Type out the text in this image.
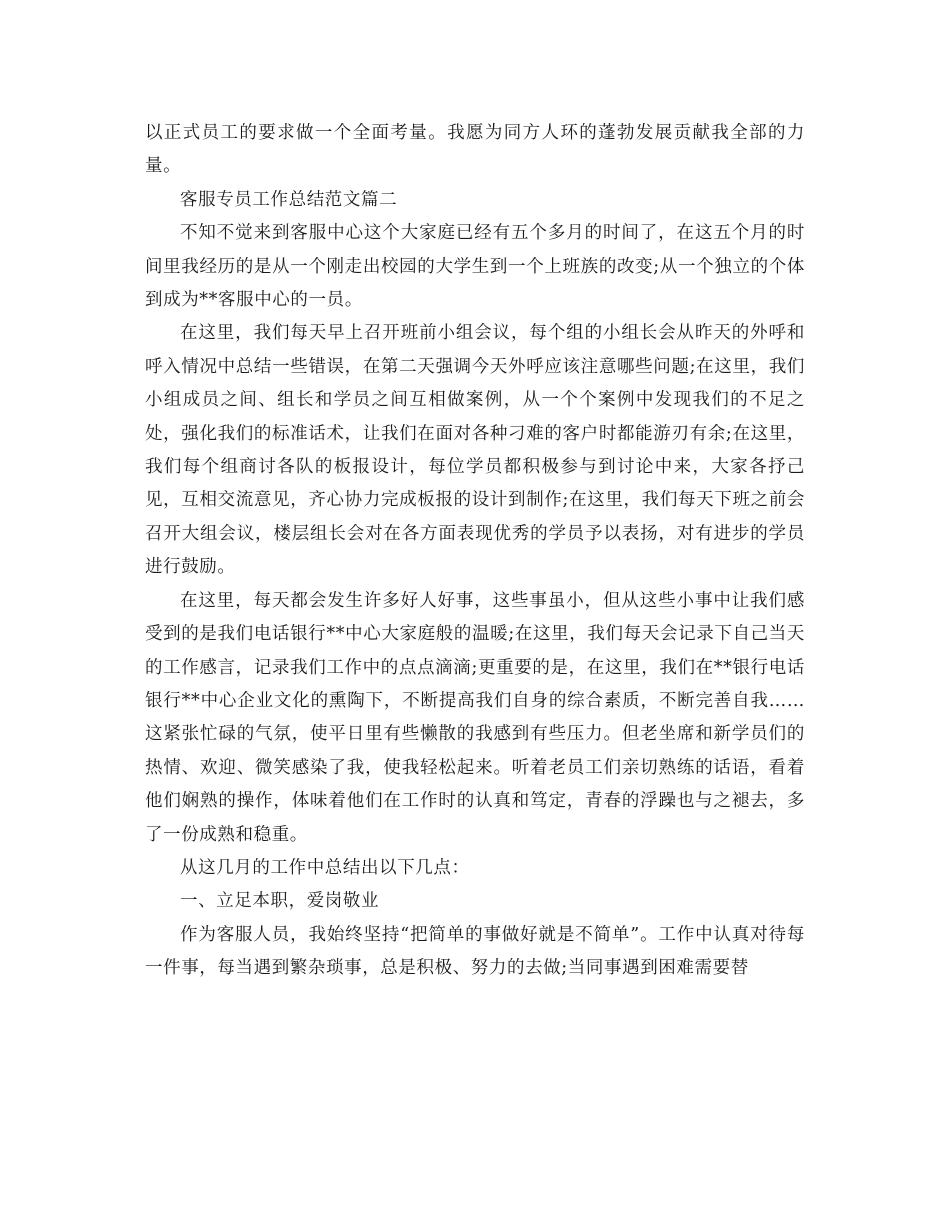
以正式员工的要求做一个全面考量。我愿为同方人环的蓬勃发展贡献我全部的力量。

客服专员工作总结范文篇二

不知不觉来到客服中心这个大家庭已经有五个多月的时间了，在这五个月的时间里我经历的是从一个刚走出校园的大学生到一个上班族的改变;从一个独立的个体到成为**客服中心的一员。

在这里，我们每天早上召开班前小组会议，每个组的小组长会从昨天的外呼和呼入情况中总结一些错误，在第二天强调今天外呼应该注意哪些问题;在这里，我们小组成员之间、组长和学员之间互相做案例，从一个个案例中发现我们的不足之处，强化我们的标准话术，让我们在面对各种刁难的客户时都能游刃有余;在这里，我们每个组商讨各队的板报设计，每位学员都积极参与到讨论中来，大家各抒己见，互相交流意见，齐心协力完成板报的设计到制作;在这里，我们每天下班之前会召开大组会议，楼层组长会对在各方面表现优秀的学员予以表扬，对有进步的学员进行鼓励。

在这里，每天都会发生许多好人好事，这些事虽小，但从这些小事中让我们感受到的是我们电话银行**中心大家庭般的温暖;在这里，我们每天会记录下自己当天的工作感言，记录我们工作中的点点滴滴;更重要的是，在这里，我们在**银行电话银行**中心企业文化的熏陶下，不断提高我们自身的综合素质，不断完善自我……这紧张忙碌的气氛，使平日里有些懒散的我感到有些压力。但老坐席和新学员们的热情、欢迎、微笑感染了我，使我轻松起来。听着老员工们亲切熟练的话语，看着他们娴熟的操作，体味着他们在工作时的认真和笃定，青春的浮躁也与之褪去，多了一份成熟和稳重。

从这几月的工作中总结出以下几点：

一、立足本职，爱岗敬业

作为客服人员，我始终坚持“把简单的事做好就是不简单”。工作中认真对待每一件事，每当遇到繁杂琐事，总是积极、努力的去做;当同事遇到困难需要替
